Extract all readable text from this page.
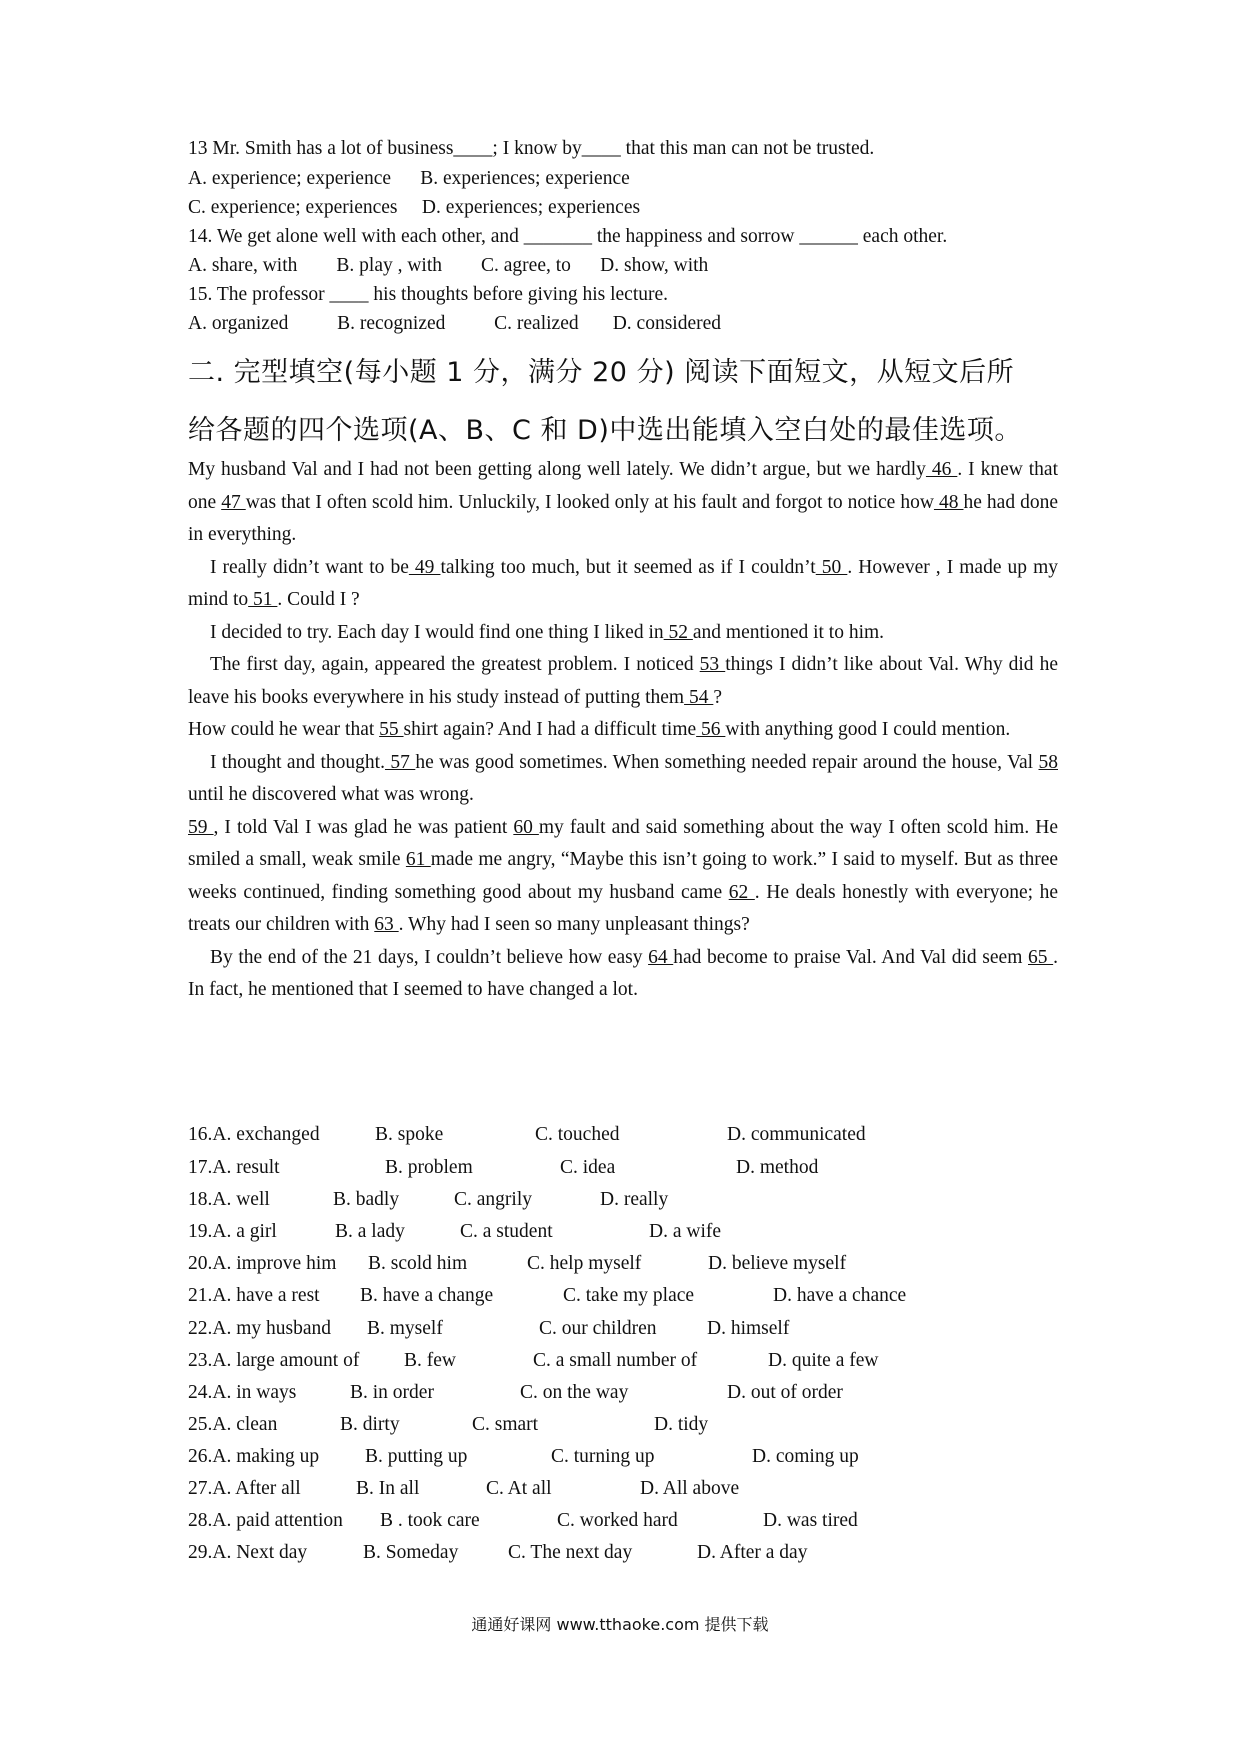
13 Mr. Smith has a lot of business____; I know by____ that this man can not be trusted.
A. experience; experience      B. experiences; experience
C. experience; experiences     D. experiences; experiences
14. We get alone well with each other, and _______ the happiness and sorrow ______ each other.
A. share, with        B. play , with        C. agree, to      D. show, with
15. The professor ____ his thoughts before giving his lecture.
A. organized          B. recognized          C. realized       D. considered
二. 完型填空(每小题 1 分，满分 20 分) 阅读下面短文，从短文后所
给各题的四个选项(A、B、C 和 D)中选出能填入空白处的最佳选项。

My husband Val and I had not been getting along well lately. We didn’t argue, but we hardly 46 . I knew that one 47 was that I often scold him. Unluckily, I looked only at his fault and forgot to notice how 48 he had done in everything.

I really didn’t want to be 49 talking too much, but it seemed as if I couldn’t 50 . However , I made up my mind to 51 . Could I ?

I decided to try. Each day I would find one thing I liked in 52 and mentioned it to him.

The first day, again, appeared the greatest problem. I noticed 53 things I didn’t like about Val. Why did he leave his books everywhere in his study instead of putting them 54 ?

How could he wear that 55 shirt again? And I had a difficult time 56 with anything good I could mention.

I thought and thought. 57 he was good sometimes. When something needed repair around the house, Val 58 until he discovered what was wrong.

59 , I told Val I was glad he was patient 60 my fault and said something about the way I often scold him. He smiled a small, weak smile 61 made me angry, “Maybe this isn’t going to work.” I said to myself. But as three weeks continued, finding something good about my husband came 62 . He deals honestly with everyone; he treats our children with 63 . Why had I seen so many unpleasant things?

By the end of the 21 days, I couldn’t believe how easy 64 had become to praise Val. And Val did seem 65 . In fact, he mentioned that I seemed to have changed a lot.

16.A. exchanged	B. spoke	C. touched	D. communicated
17.A. result	B. problem	C. idea	D. method
18.A. well	B. badly	C. angrily	D. really
19.A. a girl	B. a lady	C. a student	D. a wife
20.A. improve him B. scold him	C. help myself	D. believe myself
21.A. have a rest B. have a change	C. take my place	D. have a chance
22.A. my husband B. myself	C. our children	D. himself
23.A. large amount of B. few	C. a small number of	D. quite a few
24.A. in ways	B. in order	C. on the way	D. out of order
25.A. clean	B. dirty	C. smart	D. tidy
26.A. making up B. putting up	C. turning up	D. coming up
27.A. After all	B. In all	C. At all	D. All above
28.A. paid attention B . took care	C. worked hard	D. was tired
29.A. Next day	B. Someday	C. The next day	D. After a day
通通好课网 www.tthaoke.com 提供下载
